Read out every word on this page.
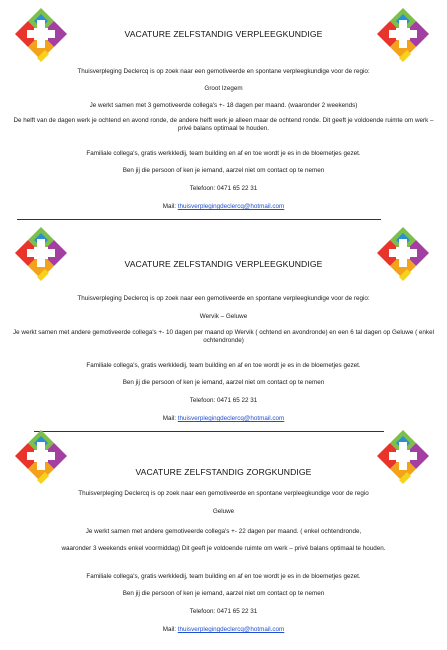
VACATURE ZELFSTANDIG VERPLEEGKUNDIGE
Thuisverpleging Declercq is op zoek naar een gemotiveerde en spontane verpleegkundige voor de regio:
Groot Izegem
Je werkt samen met 3 gemotiveerde collega's +- 18 dagen per maand. (waaronder 2 weekends)
De helft van de dagen werk je ochtend en avond ronde, de andere helft werk je alleen maar de ochtend ronde. Dit geeft je voldoende ruimte om werk – privé balans optimaal te houden.
Familiale collega's, gratis werkkledij, team building en af en toe wordt je es in de bloemetjes gezet.
Ben jij die persoon of ken je iemand, aarzel niet om contact op te nemen
Telefoon: 0471 65 22 31
Mail: thuisverplegingdeclercq@hotmail.com
VACATURE ZELFSTANDIG VERPLEEGKUNDIGE
Thuisverpleging Declercq is op zoek naar een gemotiveerde en spontane verpleegkundige voor de regio:
Wervik – Geluwe
Je werkt samen met andere gemotiveerde collega's +- 10 dagen per maand op Wervik ( ochtend en avondronde) en een 6 tal dagen op Geluwe ( enkel ochtendronde)
Familiale collega's, gratis werkkledij, team building en af en toe wordt je es in de bloemetjes gezet.
Ben jij die persoon of ken je iemand, aarzel niet om contact op te nemen
Telefoon: 0471 65 22 31
Mail: thuisverplegingdeclercq@hotmail.com
VACATURE ZELFSTANDIG ZORGKUNDIGE
Thuisverpleging Declercq is op zoek naar een gemotiveerde en spontane verpleegkundige voor de regio
Geluwe
Je werkt samen met andere gemotiveerde collega's +- 22 dagen per maand. ( enkel ochtendronde,
waaronder 3 weekends enkel voormiddag) Dit geeft je voldoende ruimte om werk – privé balans optimaal te houden.
Familiale collega's, gratis werkkledij, team building en af en toe wordt je es in de bloemetjes gezet.
Ben jij die persoon of ken je iemand, aarzel niet om contact op te nemen
Telefoon: 0471 65 22 31
Mail: thuisverplegingdeclercq@hotmail.com
